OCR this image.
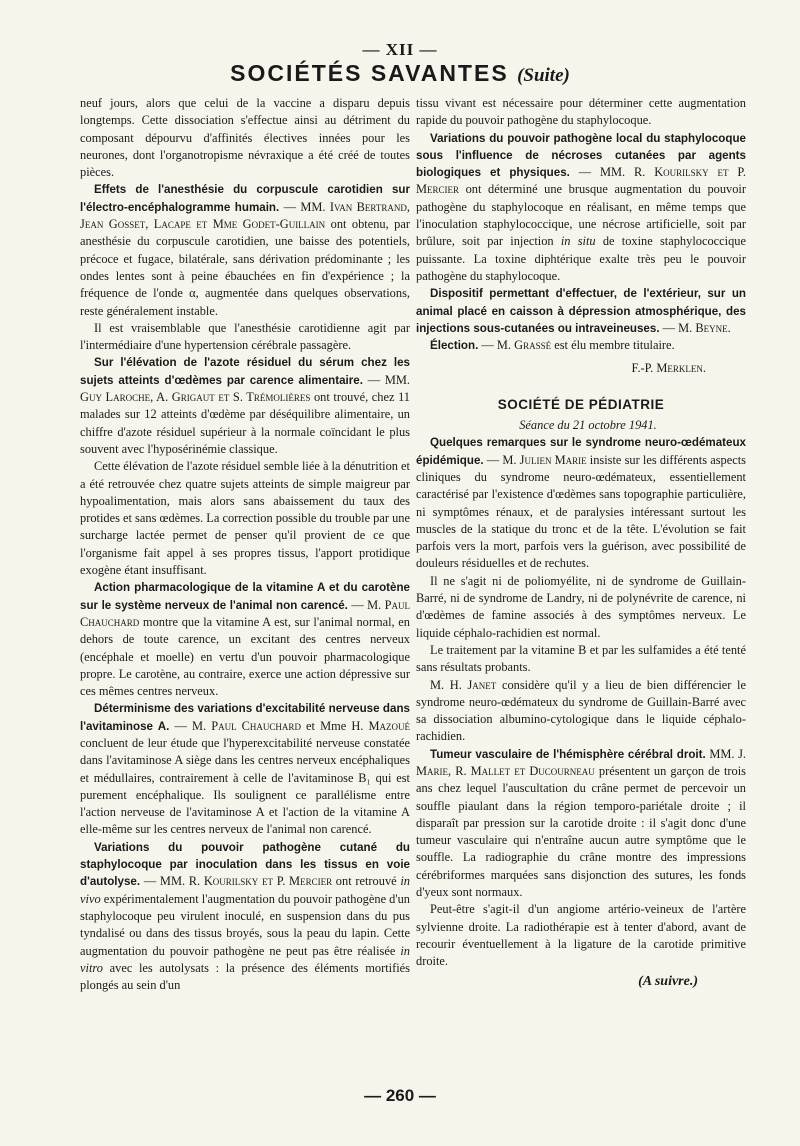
— XII —
SOCIÉTÉS SAVANTES (Suite)

neuf jours, alors que celui de la vaccine a disparu depuis longtemps. Cette dissociation s'effectue ainsi au détriment du composant dépourvu d'affinités électives innées pour les neurones, dont l'organotropisme névraxique a été créé de toutes pièces.

Effets de l'anesthésie du corpuscule carotidien sur l'électro-encéphalogramme humain. — MM. Ivan Bertrand, Jean Gosset, Lacape et Mme Godet-Guillain ont obtenu, par anesthésie du corpuscule carotidien, une baisse des potentiels, précoce et fugace, bilatérale, sans dérivation prédominante ; les ondes lentes sont à peine ébauchées en fin d'expérience ; la fréquence de l'onde α, augmentée dans quelques observations, reste généralement instable.

Il est vraisemblable que l'anesthésie carotidienne agit par l'intermédiaire d'une hypertension cérébrale passagère.

Sur l'élévation de l'azote résiduel du sérum chez les sujets atteints d'œdèmes par carence alimentaire. — MM. Guy Laroche, A. Grigaut et S. Trémolières ont trouvé, chez 11 malades sur 12 atteints d'œdème par déséquilibre alimentaire, un chiffre d'azote résiduel supérieur à la normale coïncidant le plus souvent avec l'hyposérinémie classique.

Cette élévation de l'azote résiduel semble liée à la dénutrition et a été retrouvée chez quatre sujets atteints de simple maigreur par hypoalimentation, mais alors sans abaissement du taux des protides et sans œdèmes. La correction possible du trouble par une surcharge lactée permet de penser qu'il provient de ce que l'organisme fait appel à ses propres tissus, l'apport protidique exogène étant insuffisant.

Action pharmacologique de la vitamine A et du carotène sur le système nerveux de l'animal non carencé. — M. Paul Chauchard montre que la vitamine A est, sur l'animal normal, en dehors de toute carence, un excitant des centres nerveux (encéphale et moelle) en vertu d'un pouvoir pharmacologique propre. Le carotène, au contraire, exerce une action dépressive sur ces mêmes centres nerveux.

Déterminisme des variations d'excitabilité nerveuse dans l'avitaminose A. — M. Paul Chauchard et Mme H. Mazoué concluent de leur étude que l'hyperexcitabilité nerveuse constatée dans l'avitaminose A siège dans les centres nerveux encéphaliques et médullaires, contrairement à celle de l'avitaminose B₁ qui est purement encéphalique. Ils soulignent ce parallélisme entre l'action nerveuse de l'avitaminose A et l'action de la vitamine A elle-même sur les centres nerveux de l'animal non carencé.

Variations du pouvoir pathogène cutané du staphylocoque par inoculation dans les tissus en voie d'autolyse. — MM. R. Kourilsky et P. Mercier ont retrouvé in vivo expérimentalement l'augmentation du pouvoir pathogène d'un staphylocoque peu virulent inoculé, en suspension dans du pus tyndalisé ou dans des tissus broyés, sous la peau du lapin. Cette augmentation du pouvoir pathogène ne peut pas être réalisée in vitro avec les autolysats : la présence des éléments mortifiés plongés au sein d'un

tissu vivant est nécessaire pour déterminer cette augmentation rapide du pouvoir pathogène du staphylocoque.

Variations du pouvoir pathogène local du staphylocoque sous l'influence de nécroses cutanées par agents biologiques et physiques. — MM. R. Kourilsky et P. Mercier ont déterminé une brusque augmentation du pouvoir pathogène du staphylocoque en réalisant, en même temps que l'inoculation staphylococcique, une nécrose artificielle, soit par brûlure, soit par injection in situ de toxine staphylococcique puissante. La toxine diphtérique exalte très peu le pouvoir pathogène du staphylocoque.

Dispositif permettant d'effectuer, de l'extérieur, sur un animal placé en caisson à dépression atmosphérique, des injections sous-cutanées ou intraveineuses. — M. Beyne.

Élection. — M. Grassé est élu membre titulaire.

F.-P. Merklen.

SOCIÉTÉ DE PÉDIATRIE

Séance du 21 octobre 1941.

Quelques remarques sur le syndrome neuro-œdémateux épidémique. — M. Julien Marie insiste sur les différents aspects cliniques du syndrome neuro-œdémateux, essentiellement caractérisé par l'existence d'œdèmes sans topographie particulière, ni symptômes rénaux, et de paralysies intéressant surtout les muscles de la statique du tronc et de la tête. L'évolution se fait parfois vers la mort, parfois vers la guérison, avec possibilité de douleurs résiduelles et de rechutes.

Il ne s'agit ni de poliomyélite, ni de syndrome de Guillain-Barré, ni de syndrome de Landry, ni de polynévrite de carence, ni d'œdèmes de famine associés à des symptômes nerveux. Le liquide céphalo-rachidien est normal.

Le traitement par la vitamine B et par les sulfamides a été tenté sans résultats probants.

M. H. Janet considère qu'il y a lieu de bien différencier le syndrome neuro-œdémateux du syndrome de Guillain-Barré avec sa dissociation albumino-cytologique dans le liquide céphalo-rachidien.

Tumeur vasculaire de l'hémisphère cérébral droit. MM. J. Marie, R. Mallet et Ducourneau présentent un garçon de trois ans chez lequel l'auscultation du crâne permet de percevoir un souffle piaulant dans la région temporo-pariétale droite ; il disparaît par pression sur la carotide droite : il s'agit donc d'une tumeur vasculaire qui n'entraîne aucun autre symptôme que le souffle. La radiographie du crâne montre des impressions cérébriformes marquées sans disjonction des sutures, les fonds d'yeux sont normaux.

Peut-être s'agit-il d'un angiome artério-veineux de l'artère sylvienne droite. La radiothérapie est à tenter d'abord, avant de recourir éventuellement à la ligature de la carotide primitive droite.

(A suivre.)
— 260 —
